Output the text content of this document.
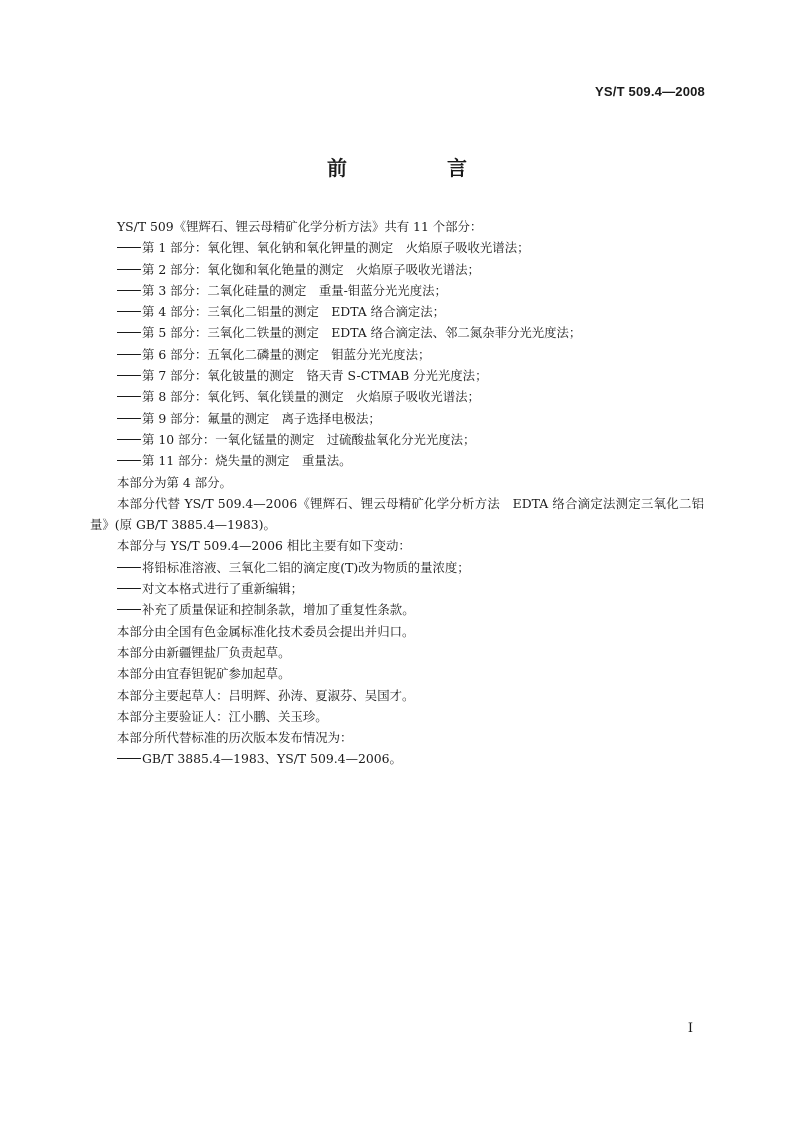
YS/T 509.4—2008
前　言

YS/T 509《锂辉石、锂云母精矿化学分析方法》共有 11 个部分：

第 1 部分：氧化锂、氧化钠和氧化钾量的测定　火焰原子吸收光谱法；

第 2 部分：氧化铷和氧化铯量的测定　火焰原子吸收光谱法；

第 3 部分：二氧化硅量的测定　重量-钼蓝分光光度法；

第 4 部分：三氧化二铝量的测定　EDTA 络合滴定法；

第 5 部分：三氧化二铁量的测定　EDTA 络合滴定法、邻二氮杂菲分光光度法；

第 6 部分：五氧化二磷量的测定　钼蓝分光光度法；

第 7 部分：氧化铍量的测定　铬天青 S-CTMAB 分光光度法；

第 8 部分：氧化钙、氧化镁量的测定　火焰原子吸收光谱法；

第 9 部分：氟量的测定　离子选择电极法；

第 10 部分：一氧化锰量的测定　过硫酸盐氧化分光光度法；

第 11 部分：烧失量的测定　重量法。

本部分为第 4 部分。

本部分代替 YS/T 509.4—2006《锂辉石、锂云母精矿化学分析方法　EDTA 络合滴定法测定三氧化二铝量》(原 GB/T 3885.4—1983)。

本部分与 YS/T 509.4—2006 相比主要有如下变动：

将铅标准溶液、三氧化二铝的滴定度(T)改为物质的量浓度；

对文本格式进行了重新编辑；

补充了质量保证和控制条款，增加了重复性条款。

本部分由全国有色金属标准化技术委员会提出并归口。

本部分由新疆锂盐厂负责起草。

本部分由宜春钽铌矿参加起草。

本部分主要起草人：吕明辉、孙涛、夏淑芬、吴国才。

本部分主要验证人：江小鹏、关玉珍。

本部分所代替标准的历次版本发布情况为：

GB/T 3885.4—1983、YS/T 509.4—2006。

I
